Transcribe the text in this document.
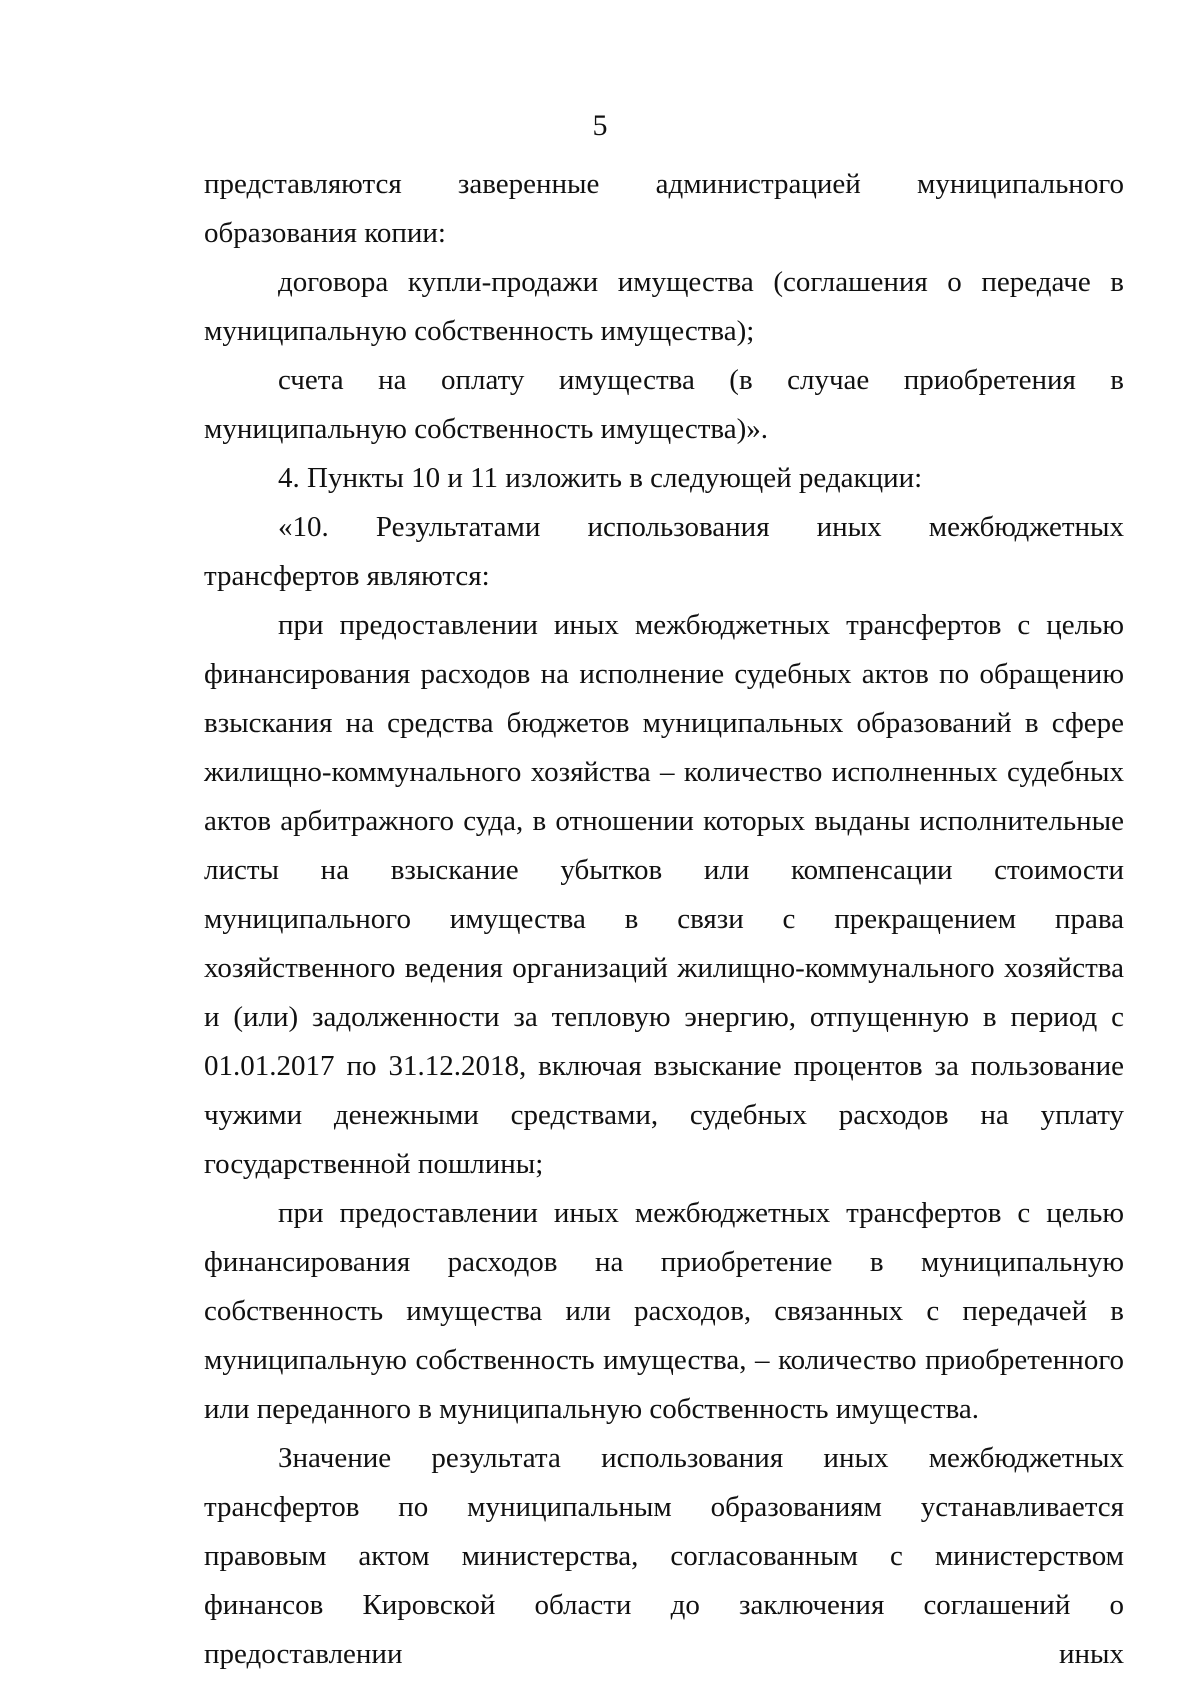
5

представляются заверенные администрацией муниципального образования копии:

договора купли-продажи имущества (соглашения о передаче в муниципальную собственность имущества);

счета на оплату имущества (в случае приобретения в муниципальную собственность имущества)».

4. Пункты 10 и 11 изложить в следующей редакции:

«10. Результатами использования иных межбюджетных трансфертов являются:

при предоставлении иных межбюджетных трансфертов с целью финансирования расходов на исполнение судебных актов по обращению взыскания на средства бюджетов муниципальных образований в сфере жилищно-коммунального хозяйства – количество исполненных судебных актов арбитражного суда, в отношении которых выданы исполнительные листы на взыскание убытков или компенсации стоимости муниципального имущества в связи с прекращением права хозяйственного ведения организаций жилищно-коммунального хозяйства и (или) задолженности за тепловую энергию, отпущенную в период с 01.01.2017 по 31.12.2018, включая взыскание процентов за пользование чужими денежными средствами, судебных расходов на уплату государственной пошлины;

при предоставлении иных межбюджетных трансфертов с целью финансирования расходов на приобретение в муниципальную собственность имущества или расходов, связанных с передачей в муниципальную собственность имущества, – количество приобретенного или переданного в муниципальную собственность имущества.

Значение результата использования иных межбюджетных трансфертов по муниципальным образованиям устанавливается правовым актом министерства, согласованным с министерством финансов Кировской области до заключения соглашений о предоставлении иных
